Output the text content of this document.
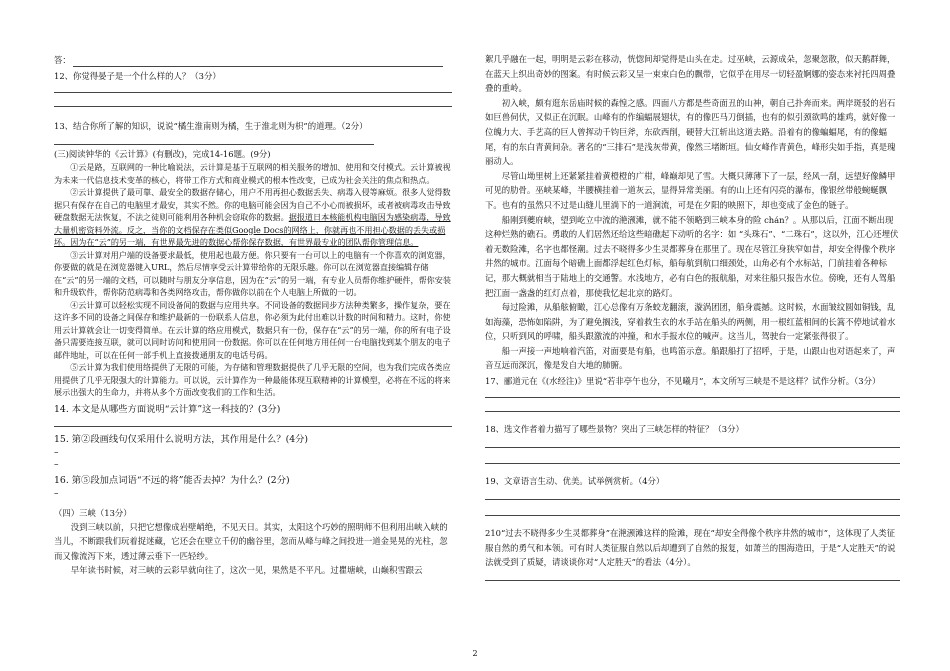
答：

12、你觉得晏子是一个什么样的人？（3分）

13、结合你所了解的知识，说说“橘生淮南则为橘，生于淮北则为枳”的道理。（2分）

(三)阅读钟华的《云计算》(有删改)，完成14-16题。(9分)

①云是路，互联网的一种比喻说法，云计算是基于互联网的相关服务的增加、使用和交付模式。云计算被视为未来一代信息技术变革的核心，将带工作方式和商业模式的根本性改变，已成为社会关注的焦点和热点。

②云计算提供了最可靠、最安全的数据存储心，用户不用再担心数据丢失、病毒入侵等麻烦。很多人觉得数据只有保存在自己的电脑里才最安，其实不然。你的电脑可能会因为自己不小心而被损坏，或者被病毒攻击导致硬盘数据无法恢复，不法之徒则可能利用各种机会窃取你的数据。据报道日本核能机构电脑因为感染病毒，导致大量机密资料外流。反之，当你的文档保存在类似Google Docs的网络上，你就再也不用担心数据的丢失或损坏。因为在“云”的另一端，有世界最先进的数据心帮你保存数据，有世界最专业的团队帮你管理信息。

③云计算对用户端的设备要求最低，使用起也最方便。你只要有一台可以上的电脑有一个你喜欢的浏览器，你要做的就是在浏览器键入URL，然后尽情享受云计算带给你的无限乐趣。你可以在浏览器直接编辑存储在“云”的另一端的文档，可以随时与朋友分享信息，因为在“云”的另一端，有专业人员帮你维护硬件，帮你安装和升级软件，帮你防范病毒和各类网络攻击，帮你做你以前在个人电脑上所做的一切。

④云计算可以轻松实现不同设备间的数据与应用共享。不同设备的数据同步方法种类繁多，操作复杂，要在这许多不同的设备之间保存和维护最新的一份联系人信息，你必须为此付出难以计数的时间和精力。这时，你使用云计算就会让一切变得简单。在云计算的络应用模式，数据只有一份，保存在“云”的另一端，你的所有电子设备只需要连接互联，就可以同时访问和使用同一份数据。你可以在任何地方用任何一台电脑找到某个朋友的电子邮件地址，可以在任何一部手机上直接拨通朋友的电话号码。

⑤云计算为我们使用络提供了无限的可能，为存储和管理数据提供了几乎无限的空间，也为我们完成各类应用提供了几乎无限强大的计算能力。可以说，云计算作为一种最能体现互联精神的计算模型，必将在不远的将来展示出强大的生命力，并将从多个方面改变我们的工作和生活。

14. 本文是从哪些方面说明“云计算”这一科技的？(3分)

15. 第②段画线句仅采用什么说明方法，其作用是什么？(4分)

–
–

16. 第⑤段加点词语“不远的将”能否去掉？为什么？(2分)

–

（四）三峡（13分）

没到三峡以前，只把它想像成岩壁峭绝，不见天日。其实，太阳这个巧妙的照明师不但利用出峡入峡的当儿，不断跟我们玩着捉迷藏，它还会在壁立千仞的幽谷里，忽而从峰与峰之间投进一道金晃晃的光柱，忽而又像流泻下来，透过薄云垂下一匹轻纱。

早年读书时候，对三峡的云彩早就向往了，这次一见，果然是不平凡。过瞿塘峡，山巅积雪跟云

絮几乎融在一起，明明是云彩在移动，恍惚间却觉得是山头在走。过巫峡，云源成朵，忽聚忽散，似天鹅群舞，在蓝天上织出奇妙的图案。有时候云彩又呈一束束白色的飘带，它似乎在用尽一切轻盈婀娜的姿态来衬托四周叠叠的重岭。

初入峡，颇有逛东岳庙时候的森惶之感。四面八方都是些奇面丑的山神，朝自己扑奔而来。两岸斑驳的岩石如巨兽伺伏，又似正在沉眠。山峰有的作编蝠展翅状，有的像匹马刀倒插，也有的似引颈欲鸣的雄鸡，就好像一位魄力大、手艺高的巨人曾挥动千钧巨斧，东砍西削，硬替大江斩出这道去路。沿着有的像蝙蝠尾，有的像蝠尾，有的东白青黄间杂。著名的“三排石”是浅灰带黄，像然三堵断垣。仙女峰作青黄色，峰形尖如手指，真是瑰丽动人。

尽管山坳里树上还紧紧挂着黄橙橙的广柑，峰巅却见了雪。大概只薄薄下了一层，经风一刮，远望好像鳞甲可见的肋骨。巫峡某峰，半腰横挂着一道灰云，显得异常美丽。有的山上还有闪亮的瀑布，像银丝带般蜿蜒飘下。也有的虽然只不过是山缝儿里淌下的一道涧流，可是在夕阳的映照下，却也变成了金色的链子。

船刚到夔府峡，望到屹立中流的滟滪滩，就不能不领略到三峡本身的险 chán？。从那以后，江面不断出现这种烂熟的礁石。勇敢的人们居然还给这些暗礁起下动听的名字：如 “头珠石”、“二珠石”，这以外，江心还埋伏着无数险滩，名字也都怪潮。过去不晓得多少生灵都葬身在那里了。现在尽管江身狭窄如昔，却安全得像个秩序井然的城市。江面每个暗礁上面都浮起红色灯标，船每航到航口细颈处，山角必有个水标站，门前挂着各种标记，那大概就相当于陆地上的交通警。水浅地方，必有白色的报航船，对来往船只报告水位。傍晚，还有人驾船把江面一盏盏的红灯点着，那使我忆起北京的路灯。

每过险滩，从船舷俯瞰，江心总像有万条蛟龙翻滚，漩涡团团，船身震撼。这时候，水面皱纹圆如铜钱，乱如海藻，恐怖如陷阱，为了避免搁浅，穿着救生衣的水手站在船头的两侧，用一根红蓝相间的长篙不停地试着水位，只听到风的呼啸，船头跟激流的冲撞，和水手报水位的喊声。这当儿，驾驶台一定紧张得很了。

船一声接一声地响着汽笛，对面要是有船，也鸣笛示意。船跟船打了招呼，于是，山跟山也对语起来了，声音互远而深沉，像是发自大地的肺腑。

17、郦道元在《(水经注)》里说“若非亭午也分，不见曦月”，本文所写三峡是不是这样？试作分析。（3分）

18、选文作者着力描写了哪些景物？突出了三峡怎样的特征？（3分）

19、文章语言生动、优美。试举例赏析。（4分）

210“过去不晓得多少生灵都葬身”在滟滪滩这样的险滩，现在“却安全得像个秩序井然的城市”，这体现了人类征服自然的勇气和本领。可有时人类征服自然以后却遭到了自然的报复，如萧兰的围海造田，于是“人定胜天”的说法就受到了质疑，请谈谈你对“人定胜天”的看法（4分）。

2
